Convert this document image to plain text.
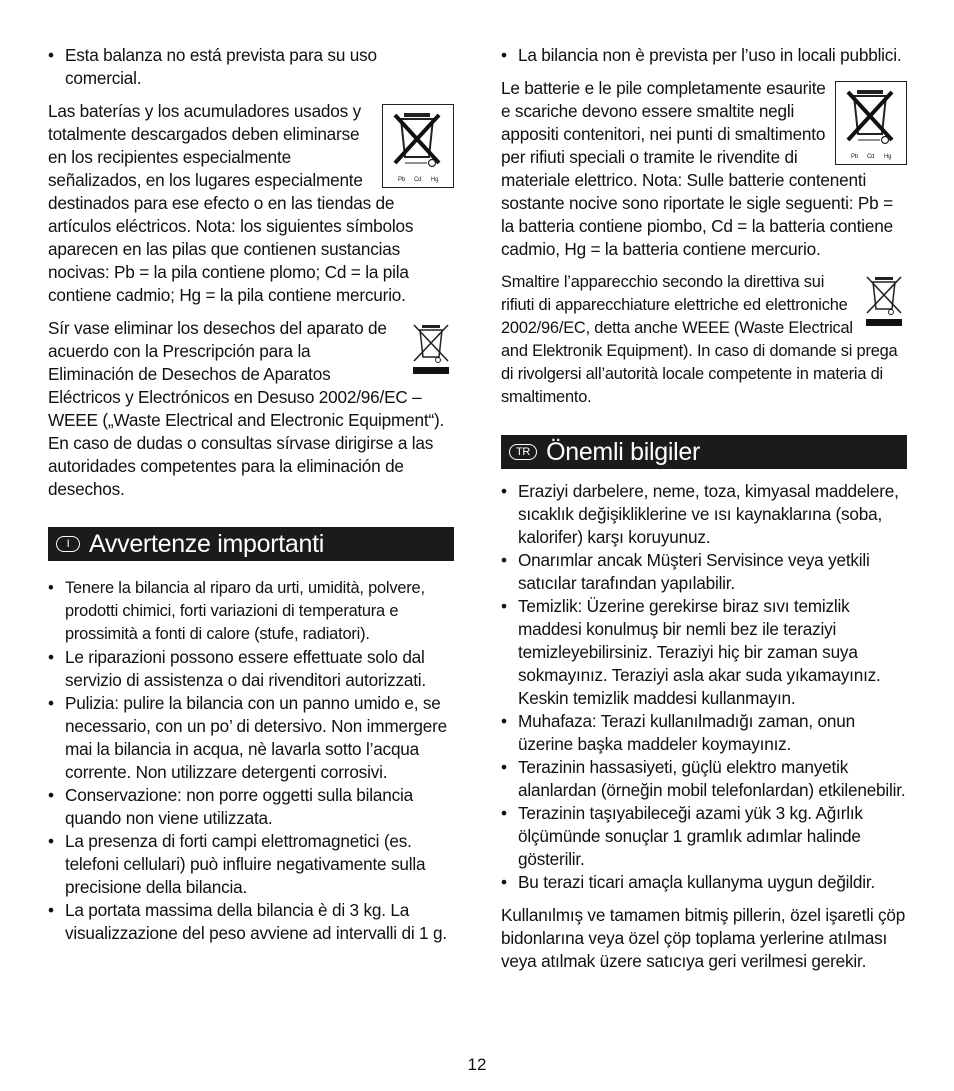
• Esta balanza no está prevista para su uso comercial.

Pb Cd Hg

Las baterías y los acumuladores usados y totalmente descargados deben eliminarse en los recipientes especialmente señalizados, en los lugares especialmente destinados para ese efecto o en las tiendas de artículos eléctricos. Nota: los siguientes símbolos aparecen en las pilas que contienen sustancias nocivas: Pb = la pila contiene plomo; Cd = la pila contiene cadmio; Hg = la pila contiene mercurio.

Sír vase eliminar los desechos del aparato de acuerdo con la Prescripción para la Eliminación de Desechos de Aparatos Eléctricos y Electrónicos en Desuso 2002/96/EC – WEEE („Waste Electrical and Electronic Equipment“). En caso de dudas o consultas sírvase dirigirse a las autoridades competentes para la eliminación de desechos.

I Avvertenze importanti

• Tenere la bilancia al riparo da urti, umidità, polvere, prodotti chimici, forti variazioni di temperatura e prossimità a fonti di calore (stufe, radiatori).

• Le riparazioni possono essere effettuate solo dal servizio di assistenza o dai rivenditori autorizzati.

• Pulizia: pulire la bilancia con un panno umido e, se necessario, con un po’ di detersivo. Non immergere mai la bilancia in acqua, nè lavarla sotto l’acqua corrente. Non utilizzare detergenti corrosivi.

• Conservazione: non porre oggetti sulla bilancia quando non viene utilizzata.

• La presenza di forti campi elettromagnetici (es. telefoni cellulari) può influire negativamente sulla precisione della bilancia.

• La portata massima della bilancia è di 3 kg. La visualizzazione del peso avviene ad intervalli di 1 g.

• La bilancia non è prevista per l’uso in locali pubblici.

Pb Cd Hg

Le batterie e le pile completamente esaurite e scariche devono essere smaltite negli appositi contenitori, nei punti di smaltimento per rifiuti speciali o tramite le rivendite di materiale elettrico. Nota: Sulle batterie contenenti sostante nocive sono riportate le sigle seguenti: Pb = la batteria contiene piombo, Cd = la batteria contiene cadmio, Hg = la batteria contiene mercurio.

Smaltire l’apparecchio secondo la direttiva sui rifiuti di apparecchiature elettriche ed elettroniche 2002/96/EC, detta anche WEEE (Waste Electrical and Elektronik Equipment). In caso di domande si prega di rivolgersi all’autorità locale competente in materia di smaltimento.

TR Önemli bilgiler

• Eraziyi darbelere, neme, toza, kimyasal maddelere, sıcaklık değişikliklerine ve ısı kaynaklarına (soba, kalorifer) karşı koruyunuz.

• Onarımlar ancak Müşteri Servisince veya yetkili satıcılar tarafından yapılabilir.

• Temizlik: Üzerine gerekirse biraz sıvı temizlik maddesi konulmuş bir nemli bez ile teraziyi temizleyebilirsiniz. Teraziyi hiç bir zaman suya sokmayınız. Teraziyi asla akar suda yıkamayınız. Keskin temizlik maddesi kullanmayın.

• Muhafaza: Terazi kullanılmadığı zaman, onun üzerine başka maddeler koymayınız.

• Terazinin hassasiyeti, güçlü elektro manyetik alanlardan (örneğin mobil telefonlardan) etkilenebilir.

• Terazinin taşıyabileceği azami yük 3 kg. Ağırlık ölçümünde sonuçlar 1 gramlık adımlar halinde gösterilir.

• Bu terazi ticari amaçla kullanyma uygun değildir.

Kullanılmış ve tamamen bitmiş pillerin, özel işaretli çöp bidonlarına veya özel çöp toplama yerlerine atılması veya atılmak üzere satıcıya geri verilmesi gerekir.

12
